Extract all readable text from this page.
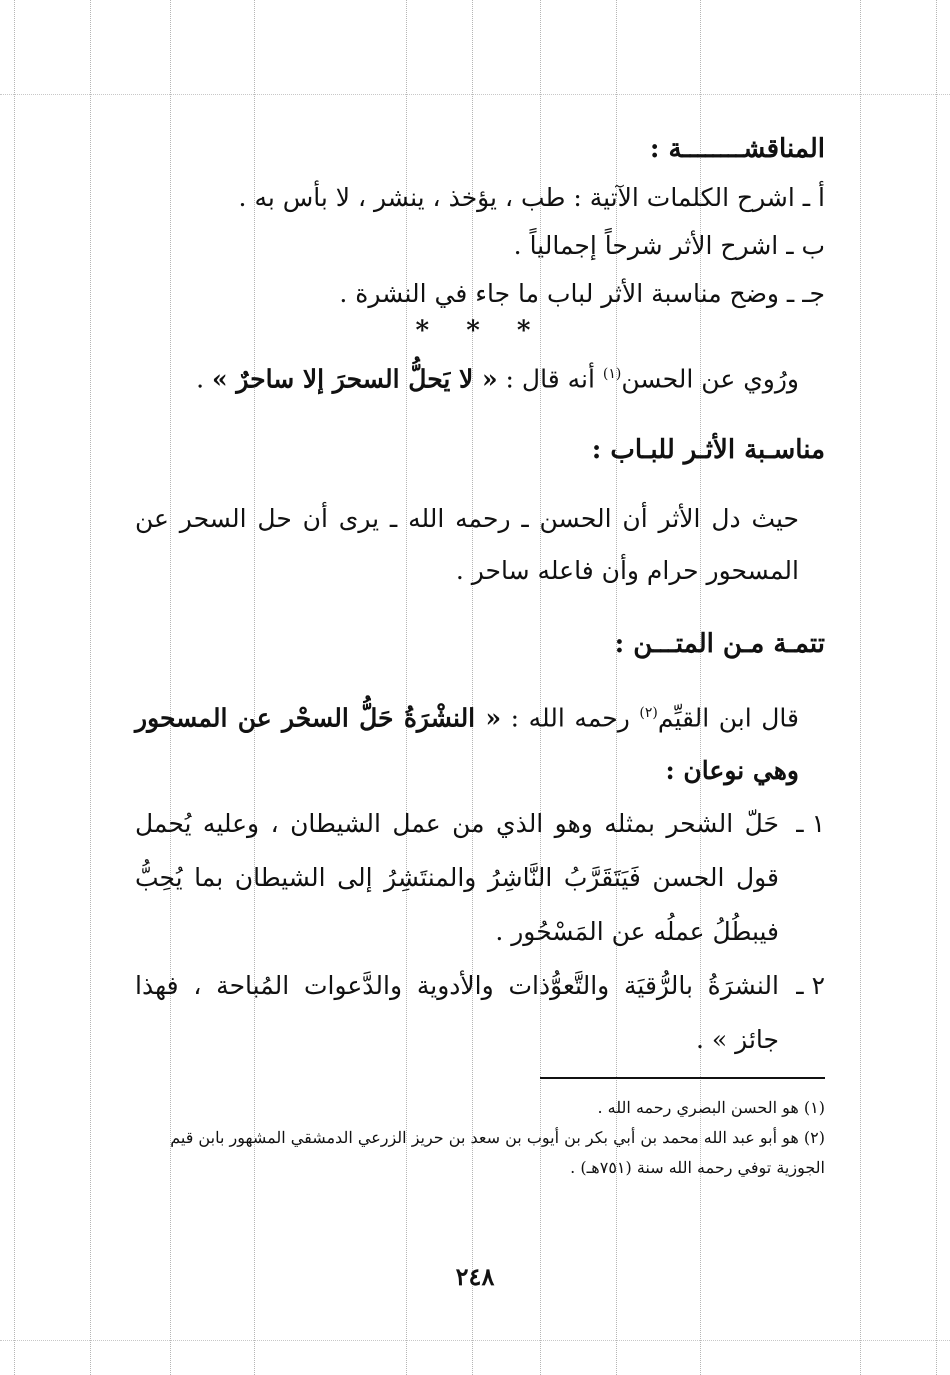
المناقشــــــــة :
أ ـ اشرح الكلمات الآتية : طب ، يؤخذ ، ينشر ، لا بأس به .
ب ـ اشرح الأثر شرحاً إجمالياً .
جـ ـ وضح مناسبة الأثر لباب ما جاء في النشرة .
* * *
ورُوي عن الحسن$^{(١)}$ أنه قال : « لا يَحلُّ السحرَ إلا ساحرٌ » .
مناسـبة الأثـر للبـاب :
حيث دل الأثر أن الحسن ـ رحمه الله ـ يرى أن حل السحر عن المسحور حرام وأن فاعله ساحر .
تتمـة مـن المتـــن :
قال ابن القيِّم$^{(٢)}$ رحمه الله : « النشْرَةُ حَلُّ السحْر عن المسحور وهي نوعان :
١ ـ
حَلّ الشحر بمثله وهو الذي من عمل الشيطان ، وعليه يُحمل قول الحسن فَيَتَقَرَّبُ النَّاشِرُ والمنتَشِرُ إلى الشيطان بما يُحِبُّ فيبطُلُ عملُه عن المَسْحُور .
٢ ـ
النشرَةُ بالرُّقيَة والتَّعوُّذات والأدوية والدَّعوات المُباحة ، فهذا جائز » .
(١) هو الحسن البصري رحمه الله .
(٢) هو أبو عبد الله محمد بن أبي بكر بن أيوب بن سعد بن حريز الزرعي الدمشقي المشهور بابن قيم الجوزية توفي رحمه الله سنة (٧٥١هـ) .
٢٤٨
